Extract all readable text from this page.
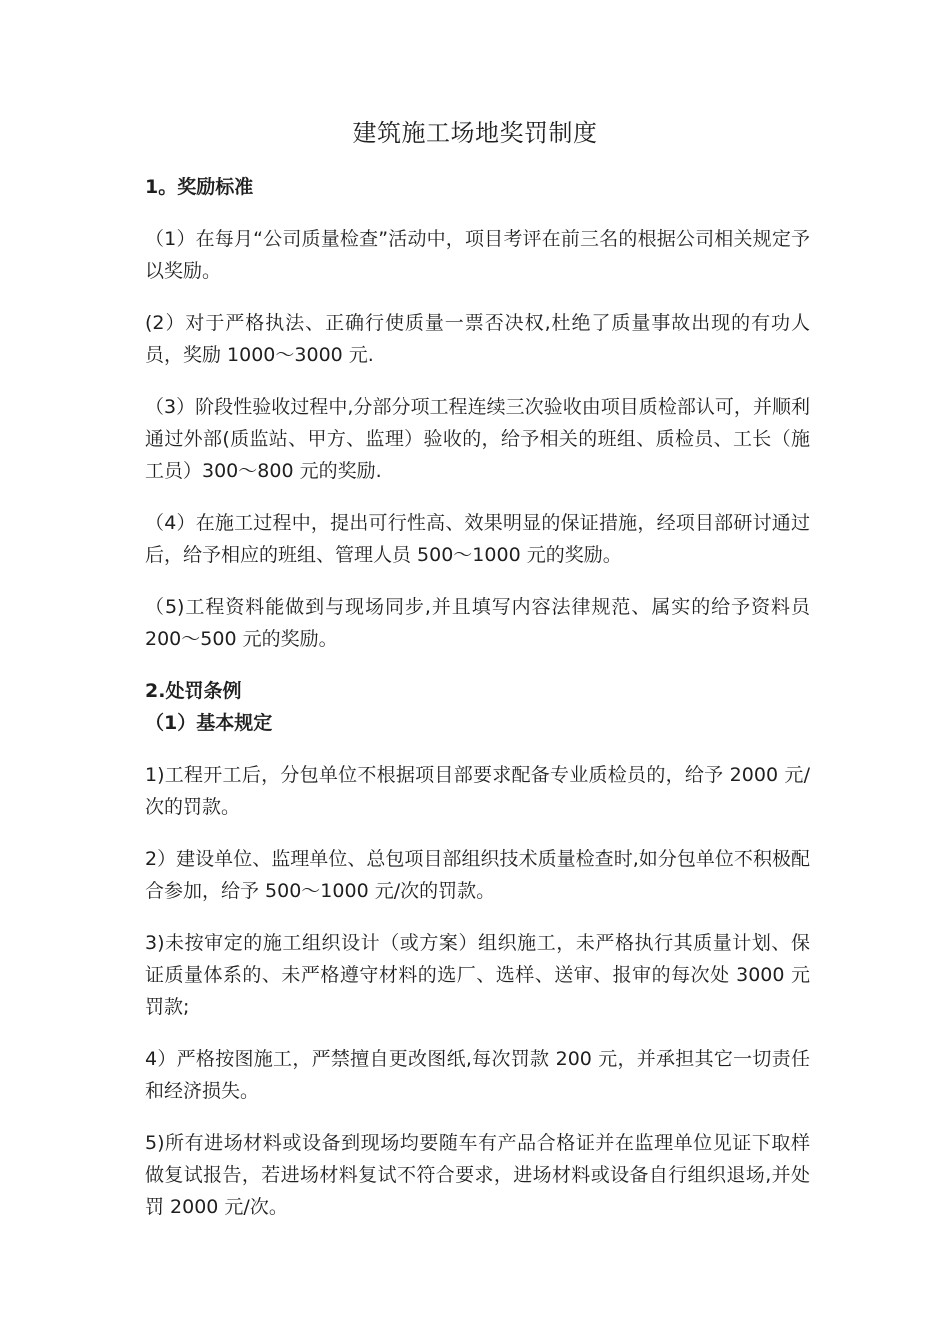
建筑施工场地奖罚制度

1。奖励标准

（1）在每月“公司质量检查”活动中，项目考评在前三名的根据公司相关规定予以奖励。

(2）对于严格执法、正确行使质量一票否决权,杜绝了质量事故出现的有功人员，奖励 1000～3000 元.

（3）阶段性验收过程中,分部分项工程连续三次验收由项目质检部认可，并顺利通过外部(质监站、甲方、监理）验收的，给予相关的班组、质检员、工长（施工员）300～800 元的奖励.

（4）在施工过程中，提出可行性高、效果明显的保证措施，经项目部研讨通过后，给予相应的班组、管理人员 500～1000 元的奖励。

（5)工程资料能做到与现场同步,并且填写内容法律规范、属实的给予资料员 200～500 元的奖励。

2.处罚条例

（1）基本规定

1)工程开工后，分包单位不根据项目部要求配备专业质检员的，给予 2000 元/次的罚款。

2）建设单位、监理单位、总包项目部组织技术质量检查时,如分包单位不积极配合参加，给予 500～1000 元/次的罚款。

3)未按审定的施工组织设计（或方案）组织施工，未严格执行其质量计划、保证质量体系的、未严格遵守材料的选厂、选样、送审、报审的每次处 3000 元罚款;

4）严格按图施工，严禁擅自更改图纸,每次罚款 200 元，并承担其它一切责任和经济损失。

5)所有进场材料或设备到现场均要随车有产品合格证并在监理单位见证下取样做复试报告，若进场材料复试不符合要求，进场材料或设备自行组织退场,并处罚 2000 元/次。
